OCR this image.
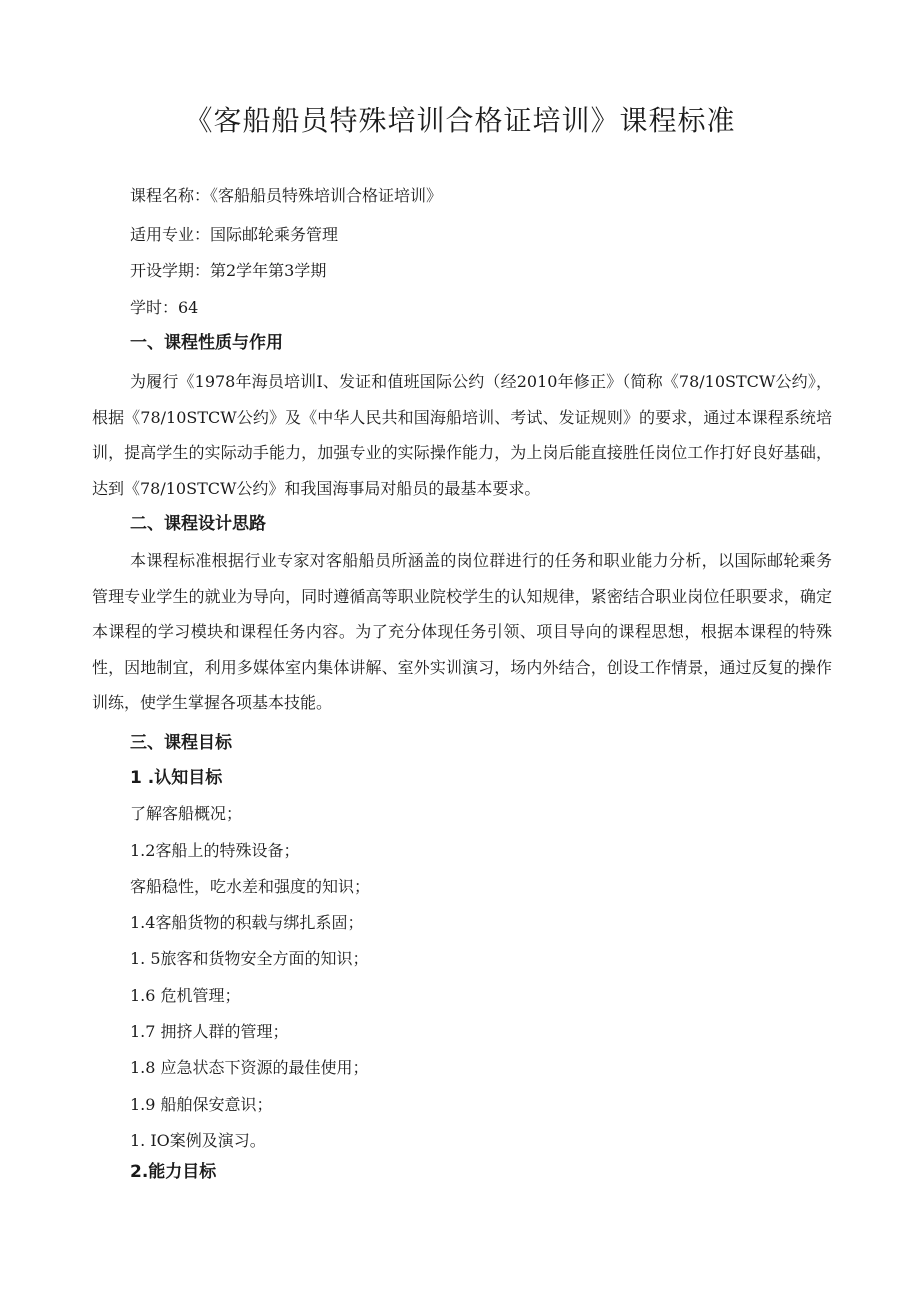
《客船船员特殊培训合格证培训》课程标准
课程名称：《客船船员特殊培训合格证培训》
适用专业：国际邮轮乘务管理
开设学期：第2学年第3学期
学时：64
一、课程性质与作用
为履行《1978年海员培训I、发证和值班国际公约（经2010年修正》（简称《78/10STCW公约》，根据《78/10STCW公约》及《中华人民共和国海船培训、考试、发证规则》的要求，通过本课程系统培训，提高学生的实际动手能力，加强专业的实际操作能力，为上岗后能直接胜任岗位工作打好良好基础，达到《78/10STCW公约》和我国海事局对船员的最基本要求。
二、课程设计思路
本课程标准根据行业专家对客船船员所涵盖的岗位群进行的任务和职业能力分析，以国际邮轮乘务管理专业学生的就业为导向，同时遵循高等职业院校学生的认知规律，紧密结合职业岗位任职要求，确定本课程的学习模块和课程任务内容。为了充分体现任务引领、项目导向的课程思想，根据本课程的特殊性，因地制宜，利用多媒体室内集体讲解、室外实训演习，场内外结合，创设工作情景，通过反复的操作训练，使学生掌握各项基本技能。
三、课程目标
1 .认知目标
了解客船概况；
1.2客船上的特殊设备；
客船稳性，吃水差和强度的知识；
1.4客船货物的积载与绑扎系固；
1. 5旅客和货物安全方面的知识；
1.6 危机管理；
1.7 拥挤人群的管理；
1.8 应急状态下资源的最佳使用；
1.9 船舶保安意识；
1. IO案例及演习。
2.能力目标
